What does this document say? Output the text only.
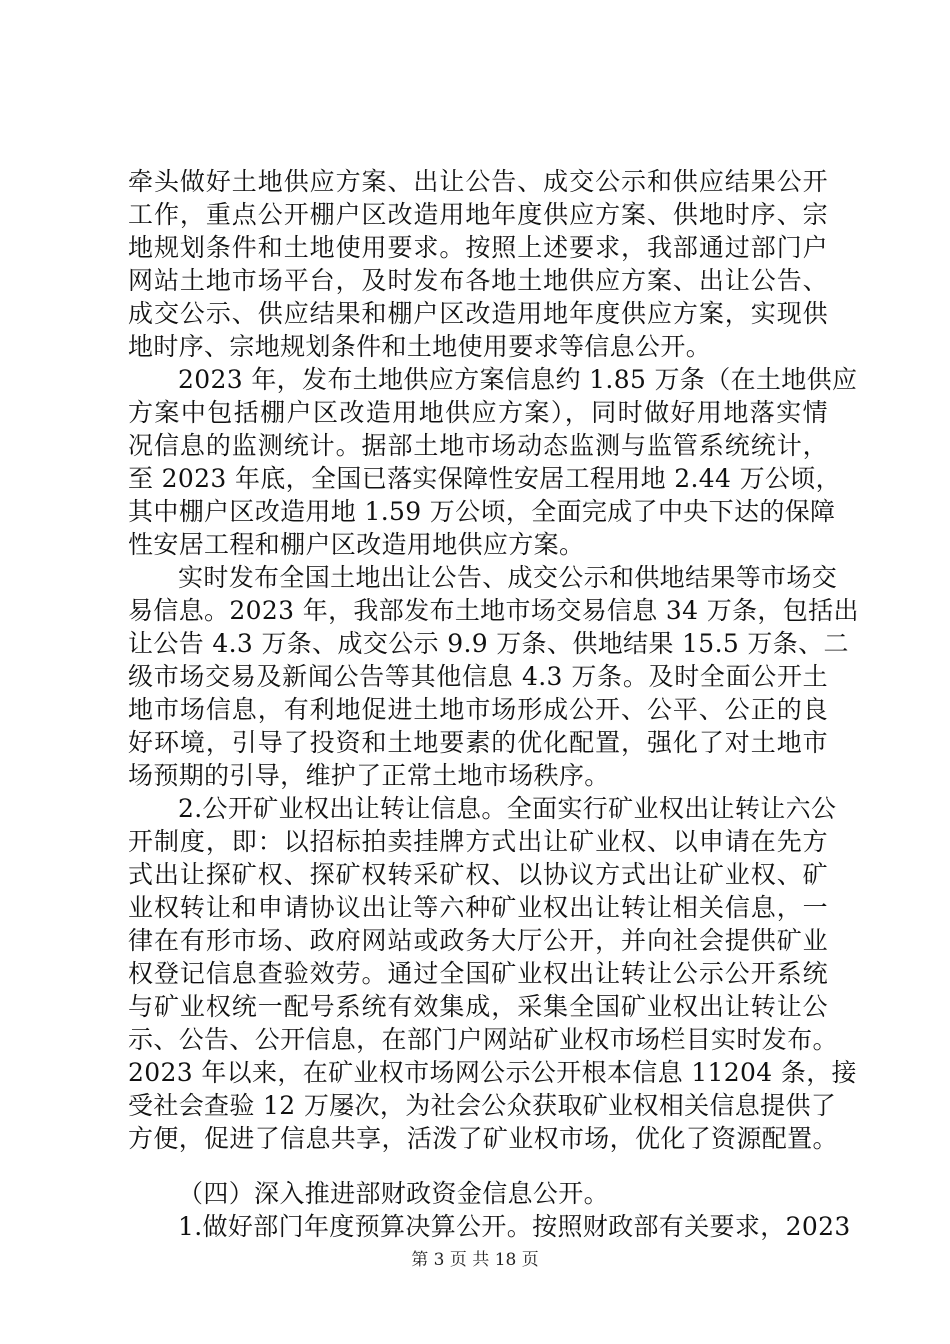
牵头做好土地供应方案、出让公告、成交公示和供应结果公开
工作，重点公开棚户区改造用地年度供应方案、供地时序、宗
地规划条件和土地使用要求。按照上述要求，我部通过部门户
网站土地市场平台，及时发布各地土地供应方案、出让公告、
成交公示、供应结果和棚户区改造用地年度供应方案，实现供
地时序、宗地规划条件和土地使用要求等信息公开。
2023 年，发布土地供应方案信息约 1.85 万条（在土地供应
方案中包括棚户区改造用地供应方案），同时做好用地落实情
况信息的监测统计。据部土地市场动态监测与监管系统统计，
至 2023 年底，全国已落实保障性安居工程用地 2.44 万公顷，
其中棚户区改造用地 1.59 万公顷，全面完成了中央下达的保障
性安居工程和棚户区改造用地供应方案。
实时发布全国土地出让公告、成交公示和供地结果等市场交
易信息。2023 年，我部发布土地市场交易信息 34 万条，包括出
让公告 4.3 万条、成交公示 9.9 万条、供地结果 15.5 万条、二
级市场交易及新闻公告等其他信息 4.3 万条。及时全面公开土
地市场信息，有利地促进土地市场形成公开、公平、公正的良
好环境，引导了投资和土地要素的优化配置，强化了对土地市
场预期的引导，维护了正常土地市场秩序。
2.公开矿业权出让转让信息。全面实行矿业权出让转让六公
开制度，即：以招标拍卖挂牌方式出让矿业权、以申请在先方
式出让探矿权、探矿权转采矿权、以协议方式出让矿业权、矿
业权转让和申请协议出让等六种矿业权出让转让相关信息，一
律在有形市场、政府网站或政务大厅公开，并向社会提供矿业
权登记信息查验效劳。通过全国矿业权出让转让公示公开系统
与矿业权统一配号系统有效集成，采集全国矿业权出让转让公
示、公告、公开信息，在部门户网站矿业权市场栏目实时发布。
2023 年以来，在矿业权市场网公示公开根本信息 11204 条，接
受社会查验 12 万屡次，为社会公众获取矿业权相关信息提供了
方便，促进了信息共享，活泼了矿业权市场，优化了资源配置。
（四）深入推进部财政资金信息公开。
1.做好部门年度预算决算公开。按照财政部有关要求，2023
第 3 页 共 18 页
